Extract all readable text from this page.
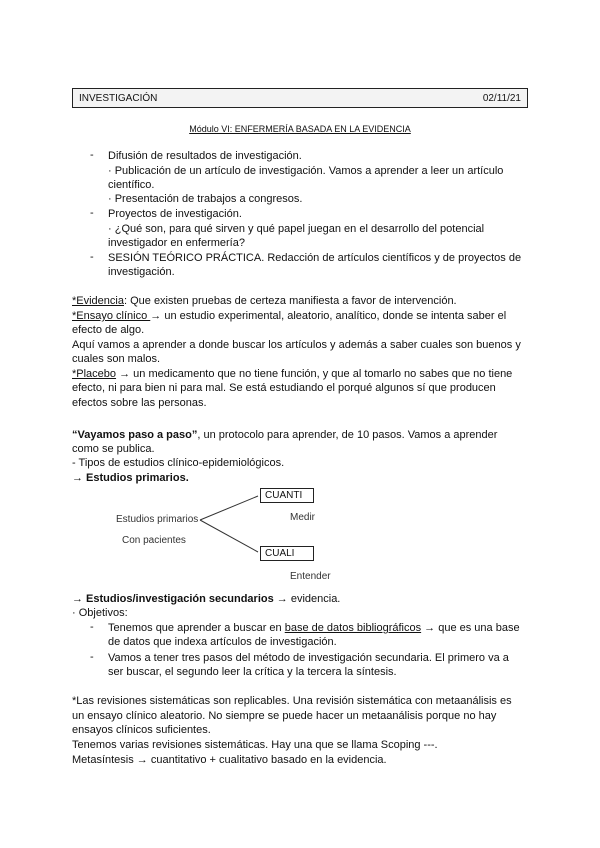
INVESTIGACIÓN	02/11/21
Módulo VI: ENFERMERÍA BASADA EN LA EVIDENCIA
- Difusión de resultados de investigación.
· Publicación de un artículo de investigación. Vamos a aprender a leer un artículo
científico.
· Presentación de trabajos a congresos.
- Proyectos de investigación.
· ¿Qué son, para qué sirven y qué papel juegan en el desarrollo del potencial
investigador en enfermería?
- SESIÓN TEÓRICO PRÁCTICA. Redacción de artículos científicos y de proyectos de
investigación.
*Evidencia: Que existen pruebas de certeza manifiesta a favor de intervención.
*Ensayo clínico → un estudio experimental, aleatorio, analítico, donde se intenta saber el
efecto de algo.
Aquí vamos a aprender a donde buscar los artículos y además a saber cuales son buenos y
cuales son malos.
*Placebo → un medicamento que no tiene función, y que al tomarlo no sabes que no tiene
efecto, ni para bien ni para mal. Se está estudiando el porqué algunos sí que producen
efectos sobre las personas.
“Vayamos paso a paso”, un protocolo para aprender, de 10 pasos. Vamos a aprender
como se publica.
- Tipos de estudios clínico-epidemiológicos.
→ Estudios primarios.
Estudios primarios
Con pacientes
CUANTI
Medir
CUALI
Entender
→ Estudios/investigación secundarios → evidencia.
· Objetivos:
- Tenemos que aprender a buscar en base de datos bibliográficos → que es una base
de datos que indexa artículos de investigación.
- Vamos a tener tres pasos del método de investigación secundaria. El primero va a
ser buscar, el segundo leer la crítica y la tercera la síntesis.
*Las revisiones sistemáticas son replicables. Una revisión sistemática con metaanálisis es
un ensayo clínico aleatorio. No siempre se puede hacer un metaanálisis porque no hay
ensayos clínicos suficientes.
Tenemos varias revisiones sistemáticas. Hay una que se llama Scoping ---.
Metasíntesis → cuantitativo + cualitativo basado en la evidencia.
